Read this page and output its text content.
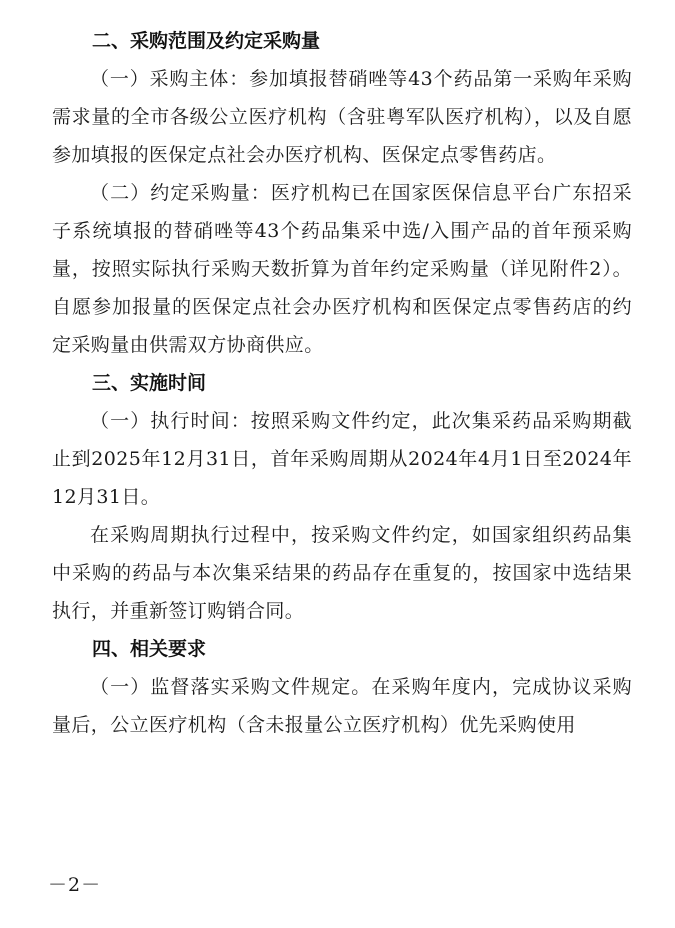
二、采购范围及约定采购量

（一）采购主体：参加填报替硝唑等43个药品第一采购年采购需求量的全市各级公立医疗机构（含驻粤军队医疗机构），以及自愿参加填报的医保定点社会办医疗机构、医保定点零售药店。

（二）约定采购量：医疗机构已在国家医保信息平台广东招采子系统填报的替硝唑等43个药品集采中选/入围产品的首年预采购量，按照实际执行采购天数折算为首年约定采购量（详见附件2）。自愿参加报量的医保定点社会办医疗机构和医保定点零售药店的约定采购量由供需双方协商供应。

三、实施时间

（一）执行时间：按照采购文件约定，此次集采药品采购期截止到2025年12月31日，首年采购周期从2024年4月1日至2024年12月31日。

在采购周期执行过程中，按采购文件约定，如国家组织药品集中采购的药品与本次集采结果的药品存在重复的，按国家中选结果执行，并重新签订购销合同。

四、相关要求

（一）监督落实采购文件规定。在采购年度内，完成协议采购量后，公立医疗机构（含未报量公立医疗机构）优先采购使用

－2－
